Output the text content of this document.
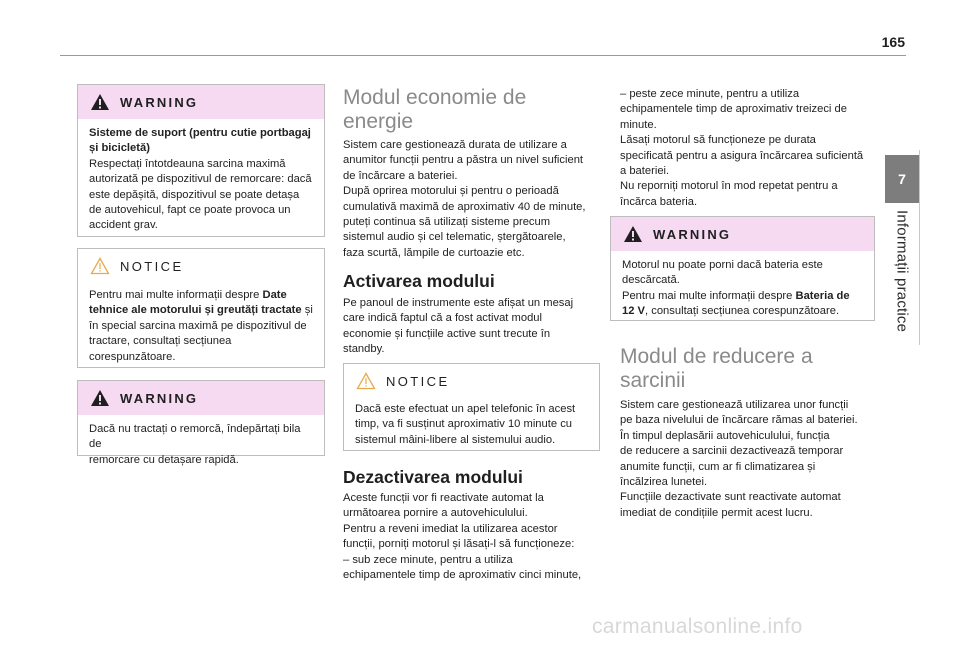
165
7
Informații practice
WARNING

Sisteme de suport (pentru cutie portbagaj și bicicletă)

Respectați întotdeauna sarcina maximă

autorizată pe dispozitivul de remorcare: dacă

este depășită, dispozitivul se poate detașa

de autovehicul, fapt ce poate provoca un

accident grav.

NOTICE

Pentru mai multe informații despre Date tehnice ale motorului și greutăți tractate și în special sarcina maximă pe dispozitivul de tractare, consultați secțiunea corespunzătoare.

WARNING

Dacă nu tractați o remorcă, îndepărtați bila de

remorcare cu detașare rapidă.

Modul economie de
energie

Sistem care gestionează durata de utilizare a

anumitor funcții pentru a păstra un nivel suficient

de încărcare a bateriei.

După oprirea motorului și pentru o perioadă

cumulativă maximă de aproximativ 40 de minute,

puteți continua să utilizați sisteme precum

sistemul audio și cel telematic, ștergătoarele,

faza scurtă, lămpile de curtoazie etc.

Activarea modului

Pe panoul de instrumente este afișat un mesaj

care indică faptul că a fost activat modul

economie și funcțiile active sunt trecute în

standby.

NOTICE

Dacă este efectuat un apel telefonic în acest

timp, va fi susținut aproximativ 10 minute cu

sistemul mâini-libere al sistemului audio.

Dezactivarea modului

Aceste funcții vor fi reactivate automat la

următoarea pornire a autovehiculului.

Pentru a reveni imediat la utilizarea acestor

funcții, porniți motorul și lăsați-l să funcționeze:

– sub zece minute, pentru a utiliza

echipamentele timp de aproximativ cinci minute,

– peste zece minute, pentru a utiliza

echipamentele timp de aproximativ treizeci de

minute.

Lăsați motorul să funcționeze pe durata

specificată pentru a asigura încărcarea suficientă

a bateriei.

Nu reporniți motorul în mod repetat pentru a

încărca bateria.

WARNING

Motorul nu poate porni dacă bateria este

descărcată.

Pentru mai multe informații despre Bateria de 12 V, consultați secțiunea corespunzătoare.

Modul de reducere a
sarcinii

Sistem care gestionează utilizarea unor funcții

pe baza nivelului de încărcare rămas al bateriei.

În timpul deplasării autovehiculului, funcția

de reducere a sarcinii dezactivează temporar

anumite funcții, cum ar fi climatizarea și

încălzirea lunetei.

Funcțiile dezactivate sunt reactivate automat

imediat de condițiile permit acest lucru.

carmanualsonline.info
